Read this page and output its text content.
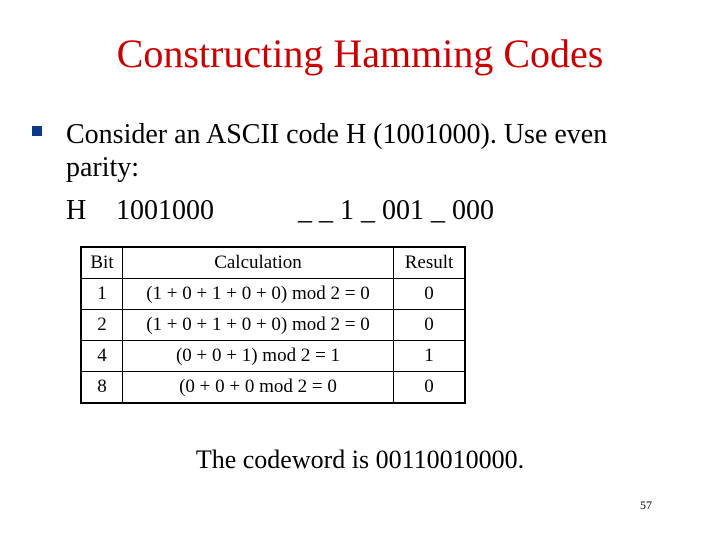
Constructing Hamming Codes
Consider an ASCII code H (1001000). Use even parity:
H 1001000	_ _ 1 _ 001 _ 000
Bit	Calculation	Result
1	(1 + 0 + 1 + 0 + 0) mod 2 = 0	0
2	(1 + 0 + 1 + 0 + 0) mod 2 = 0	0
4	(0 + 0 + 1) mod 2 = 1	1
8	(0 + 0 + 0 mod 2 = 0	0
The codeword is 00110010000.
57
